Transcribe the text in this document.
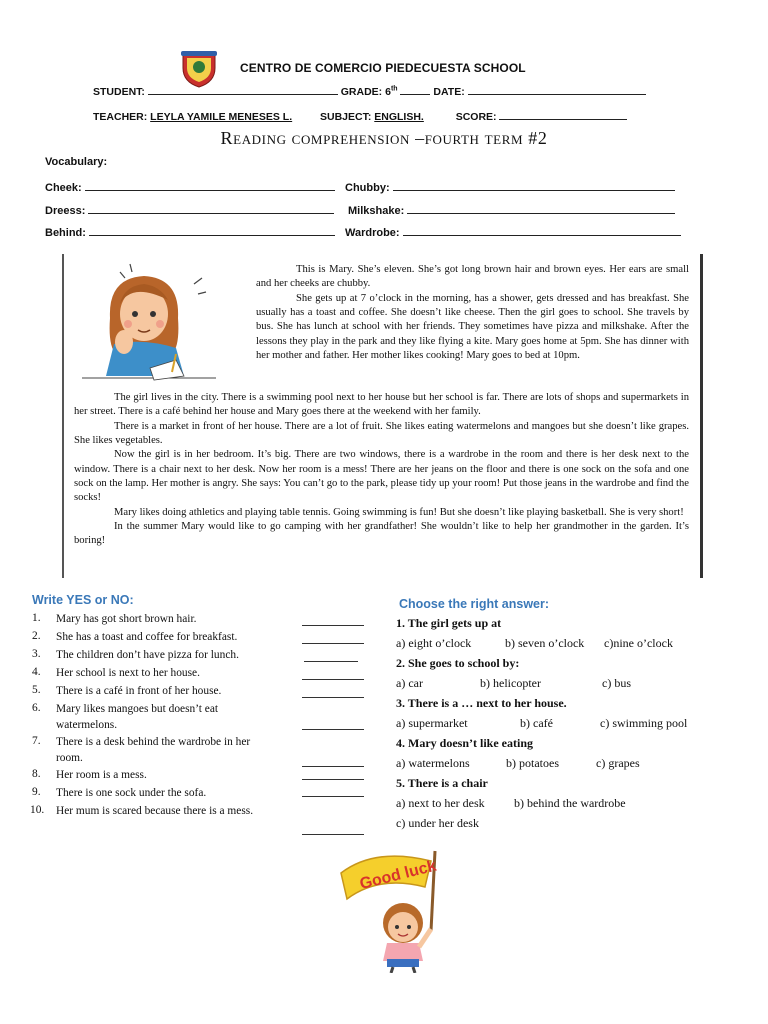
CENTRO DE COMERCIO PIEDECUESTA SCHOOL
STUDENT:	GRADE: 6th	DATE:
TEACHER: LEYLA YAMILE MENESES L.	SUBJECT: ENGLISH.	SCORE:
Reading comprehension –fourth term #2
Vocabulary:
Cheek:	Chubby:
Dreess:	Milkshake:
Behind:	Wardrobe:

This is Mary. She’s eleven. She’s got long brown hair and brown eyes. Her ears are small and her cheeks are chubby.

She gets up at 7 o’clock in the morning, has a shower, gets dressed and has breakfast. She usually has a toast and coffee. She doesn’t like cheese. Then the girl goes to school. She travels by bus. She has lunch at school with her friends. They sometimes have pizza and milkshake. After the lessons they play in the park and they like flying a kite. Mary goes home at 5pm. She has dinner with her mother and father. Her mother likes cooking! Mary goes to bed at 10pm.

The girl lives in the city. There is a swimming pool next to her house but her school is far. There are lots of shops and supermarkets in her street. There is a café behind her house and Mary goes there at the weekend with her family.

There is a market in front of her house. There are a lot of fruit. She likes eating watermelons and mangoes but she doesn’t like grapes. She likes vegetables.

Now the girl is in her bedroom. It’s big. There are two windows, there is a wardrobe in the room and there is her desk next to the window. There is a chair next to her desk. Now her room is a mess! There are her jeans on the floor and there is one sock on the sofa and one sock on the lamp. Her mother is angry. She says: You can’t go to the park, please tidy up your room! Put those jeans in the wardrobe and find the socks!

Mary likes doing athletics and playing table tennis. Going swimming is fun! But she doesn’t like playing basketball. She is very short!

In the summer Mary would like to go camping with her grandfather! She wouldn’t like to help her grandmother in the garden. It’s boring!

Write YES or NO:
1.	Mary has got short brown hair.
2.	She has a toast and coffee for breakfast.
3.	The children don’t have pizza for lunch.
4.	Her school is next to her house.
5.	There is a café in front of her house.
6.	Mary likes mangoes but doesn’t eat watermelons.
7.	There is a desk behind the wardrobe in her room.
8.	Her room is a mess.
9.	There is one sock under the sofa.
10.	Her mum is scared because there is a mess.
Choose the right answer:
1. The girl gets up at
a) eight o’clock	b) seven o’clock c)nine o’clock
2. She goes to school by:
a) car	b) helicopter	c) bus
3. There is a … next to her house.
a) supermarket	b) café	c) swimming pool
4. Mary doesn’t like eating
a) watermelons	b) potatoes	c) grapes
5. There is a chair
a) next to her desk b) behind the wardrobe
c) under her desk
Good luck
